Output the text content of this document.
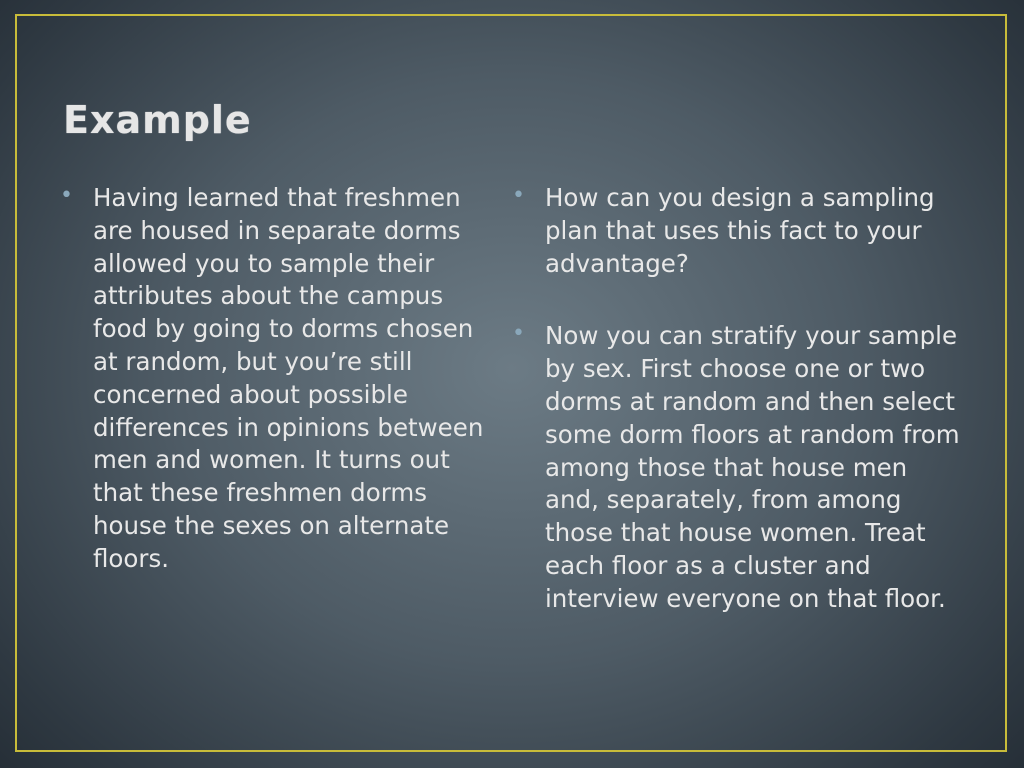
Example
• Having learned that freshmen are housed in separate dorms allowed you to sample their attributes about the campus food by going to dorms chosen at random, but you’re still concerned about possible differences in opinions between men and women. It turns out that these freshmen dorms house the sexes on alternate floors.
• How can you design a sampling plan that uses this fact to your advantage?
• Now you can stratify your sample by sex. First choose one or two dorms at random and then select some dorm floors at random from among those that house men and, separately, from among those that house women. Treat each floor as a cluster and interview everyone on that floor.
